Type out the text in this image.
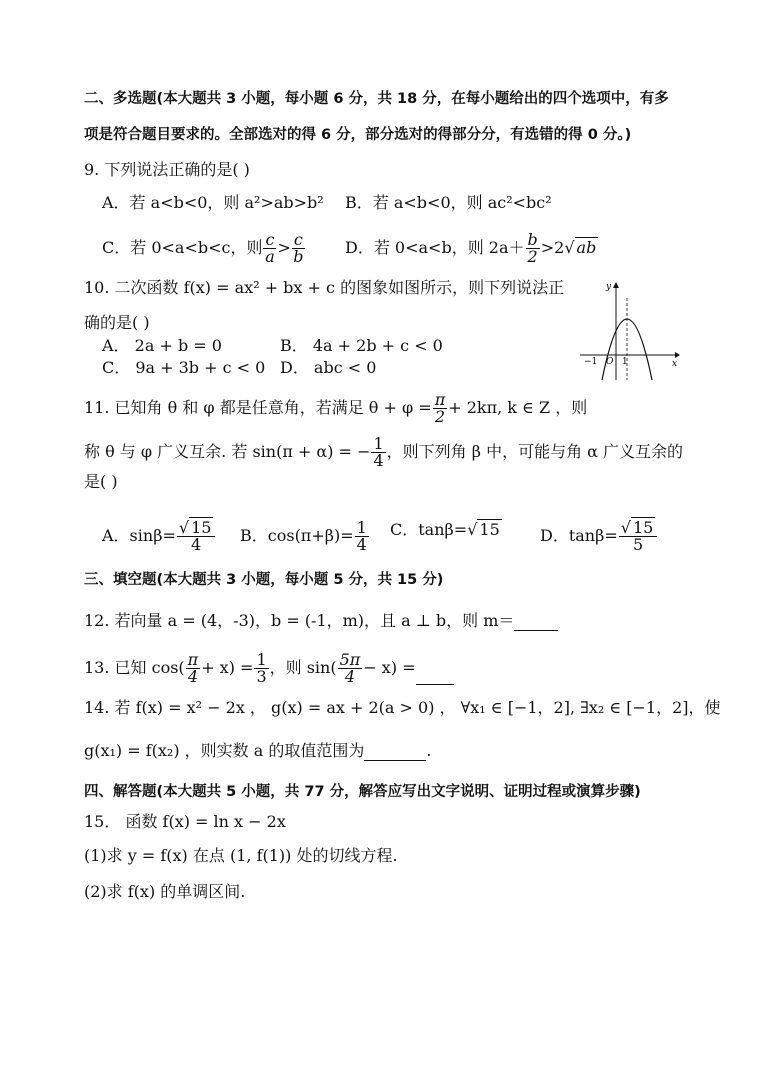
二、多选题(本大题共 3 小题，每小题 6 分，共 18 分，在每小题给出的四个选项中，有多
项是符合题目要求的。全部选对的得 6 分，部分选对的得部分分，有选错的得 0 分。)
9. 下列说法正确的是( )
A．若 a<b<0，则 a²>ab>b² B．若 a<b<0，则 ac²<bc²
C．若 0<a<b<c，则 $\frac{c}{a} > \frac{c}{b}$	D．若 0<a<b，则 $2a+ \frac{b}{2} >2√$ ab
10. 二次函数 f(x) = ax² + bx + c 的图象如图所示，则下列说法正
确的是( )
A． 2a + b = 0	B． 4a + 2b + c < 0
C． 9a + 3b + c < 0 D． abc < 0
y
x
−1 O 1
11. 已知角 θ 和 φ 都是任意角，若满足 $\theta + \varphi = \frac{\pi}{2} + 2k\pi$, k ∈ Z ，则
称 θ 与 φ 广义互余. 若 sin(π + α) = − $\frac{1}{4}$ ，则下列角 β 中，可能与角 α 广义互余的
是( )
A．$\sin\beta= \frac{√ 15}{4}$ B．$\cos(\pi+\beta)= \frac{1}{4}$ C．tanβ=√ 15	D．$\tan\beta= \frac{√ 15}{5}$
三、填空题(本大题共 3 小题，每小题 5 分，共 15 分)
12. 若向量 a = (4，-3)，b = (-1，m)，且 a ⊥ b，则 m＝
13. 已知 $\cos( \frac{\pi}{4} + x) = \frac{1}{3}$ ，则 $\sin( \frac{5\pi}{4} - x)$ =
14. 若 f(x) = x² − 2x ， g(x) = ax + 2(a > 0) ， ∀x₁ ∈ [−1，2], ∃x₂ ∈ [−1，2]，使
g(x₁) = f(x₂) ，则实数 a 的取值范围为	.
四、解答题(本大题共 5 小题，共 77 分，解答应写出文字说明、证明过程或演算步骤)
15． 函数 f(x) = ln x − 2x
(1)求 y = f(x) 在点 (1, f(1)) 处的切线方程.
(2)求 f(x) 的单调区间.
